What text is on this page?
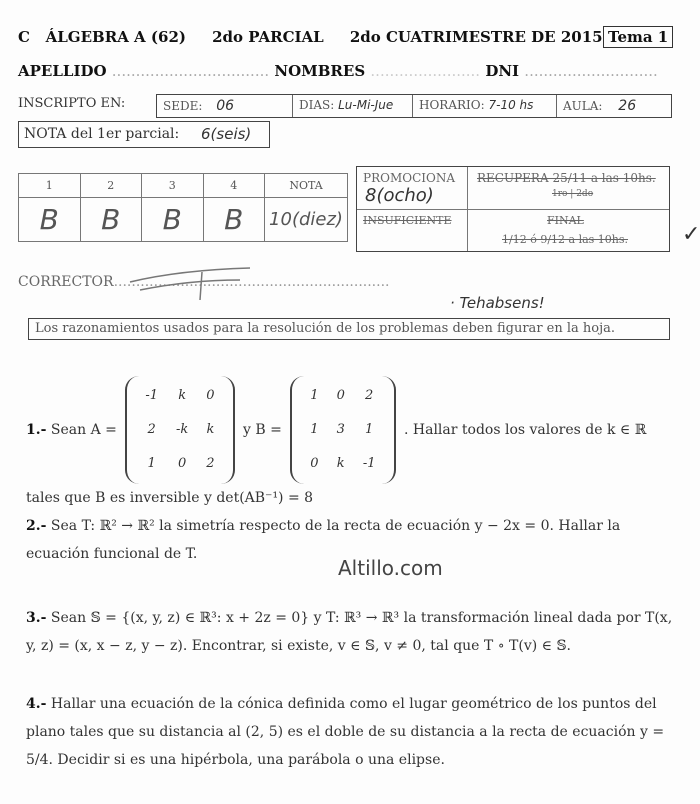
C ÁLGEBRA A (62) 2do PARCIAL 2do CUATRIMESTRE DE 2015 Tema 1
APELLIDO ................................. NOMBRES ....................... DNI ............................
INSCRIPTO EN:	SEDE: 06	DIAS: Lu-Mi-Jue	HORARIO: 7-10 hs	AULA: 26
NOTA del 1er parcial: 6(seis)
1	2	3	4	NOTA
B	B	B	B	10(diez)
PROMOCIONA
8(ocho)
RECUPERA 25/11 a las 10hs.
1ro | 2do
INSUFICIENTE	FINAL
1/12 ó 9/12 a las 10hs. ✓
CORRECTOR..............................................................
· Tehabsens!
Los razonamientos usados para la resolución de los problemas deben figurar en la hoja.
1.- Sean A =
-1	k	0
2	-k	k
1	0	2
y B =
1	0	2
1	3	1
0	k	-1
. Hallar todos los valores de k ∈ ℝ
tales que B es inversible y det(AB⁻¹) = 8
2.- Sea T: ℝ² → ℝ² la simetría respecto de la recta de ecuación y − 2x = 0. Hallar la ecuación funcional de T.
Altillo.com
3.- Sean 𝕊 = {(x, y, z) ∈ ℝ³: x + 2z = 0} y T: ℝ³ → ℝ³ la transformación lineal dada por T(x, y, z) = (x, x − z, y − z). Encontrar, si existe, v ∈ 𝕊, v ≠ 0, tal que T ∘ T(v) ∈ 𝕊.
4.- Hallar una ecuación de la cónica definida como el lugar geométrico de los puntos del plano tales que su distancia al (2, 5) es el doble de su distancia a la recta de ecuación y = 5/4. Decidir si es una hipérbola, una parábola o una elipse.
